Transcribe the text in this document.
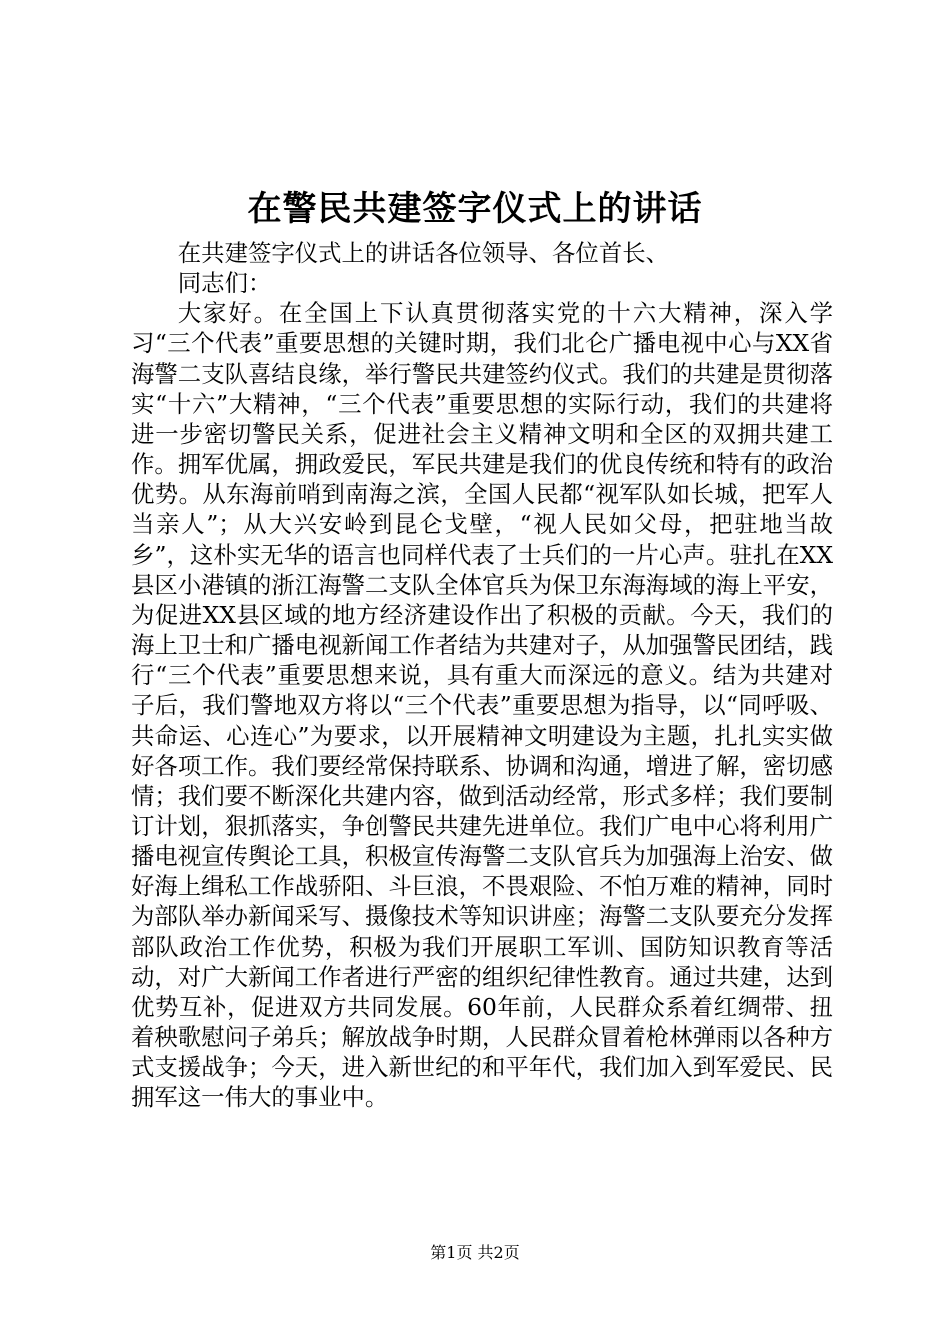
在警民共建签字仪式上的讲话

在共建签字仪式上的讲话各位领导、各位首长、

同志们：

大家好。在全国上下认真贯彻落实党的十六大精神，深入学习“三个代表”重要思想的关键时期，我们北仑广播电视中心与XX省海警二支队喜结良缘，举行警民共建签约仪式。我们的共建是贯彻落实“十六”大精神，“三个代表”重要思想的实际行动，我们的共建将进一步密切警民关系，促进社会主义精神文明和全区的双拥共建工作。拥军优属，拥政爱民，军民共建是我们的优良传统和特有的政治优势。从东海前哨到南海之滨，全国人民都“视军队如长城，把军人当亲人”；从大兴安岭到昆仑戈壁，“视人民如父母，把驻地当故乡”，这朴实无华的语言也同样代表了士兵们的一片心声。驻扎在XX县区小港镇的浙江海警二支队全体官兵为保卫东海海域的海上平安，为促进XX县区域的地方经济建设作出了积极的贡献。今天，我们的海上卫士和广播电视新闻工作者结为共建对子，从加强警民团结，践行“三个代表”重要思想来说，具有重大而深远的意义。结为共建对子后，我们警地双方将以“三个代表”重要思想为指导，以“同呼吸、共命运、心连心”为要求，以开展精神文明建设为主题，扎扎实实做好各项工作。我们要经常保持联系、协调和沟通，增进了解，密切感情；我们要不断深化共建内容，做到活动经常，形式多样；我们要制订计划，狠抓落实，争创警民共建先进单位。我们广电中心将利用广播电视宣传舆论工具，积极宣传海警二支队官兵为加强海上治安、做好海上缉私工作战骄阳、斗巨浪，不畏艰险、不怕万难的精神，同时为部队举办新闻采写、摄像技术等知识讲座；海警二支队要充分发挥部队政治工作优势，积极为我们开展职工军训、国防知识教育等活动，对广大新闻工作者进行严密的组织纪律性教育。通过共建，达到优势互补，促进双方共同发展。60年前，人民群众系着红绸带、扭着秧歌慰问子弟兵；解放战争时期，人民群众冒着枪林弹雨以各种方式支援战争；今天，进入新世纪的和平年代，我们加入到军爱民、民拥军这一伟大的事业中。

第1页 共2页
